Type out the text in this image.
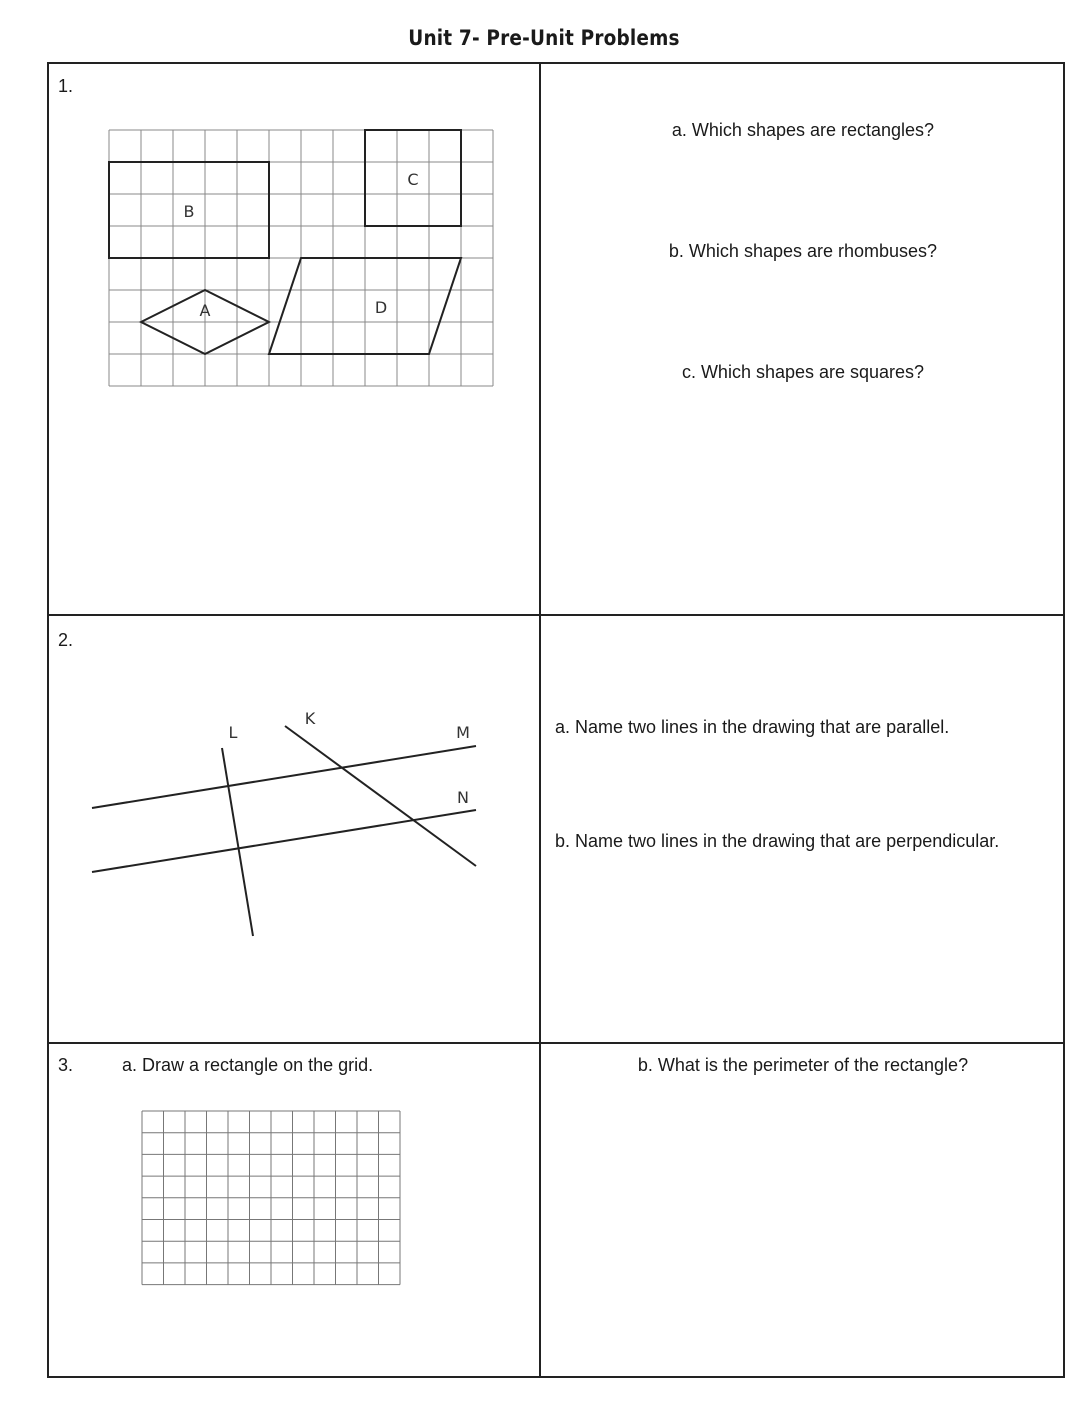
Unit 7- Pre-Unit Problems
1.
B
C
A	D
a. Which shapes are rectangles?
b. Which shapes are rhombuses?
c. Which shapes are squares?
2.
L
K
M
N
a. Name two lines in the drawing that are parallel.
b. Name two lines in the drawing that are perpendicular.
3.	a. Draw a rectangle on the grid.	b. What is the perimeter of the rectangle?
